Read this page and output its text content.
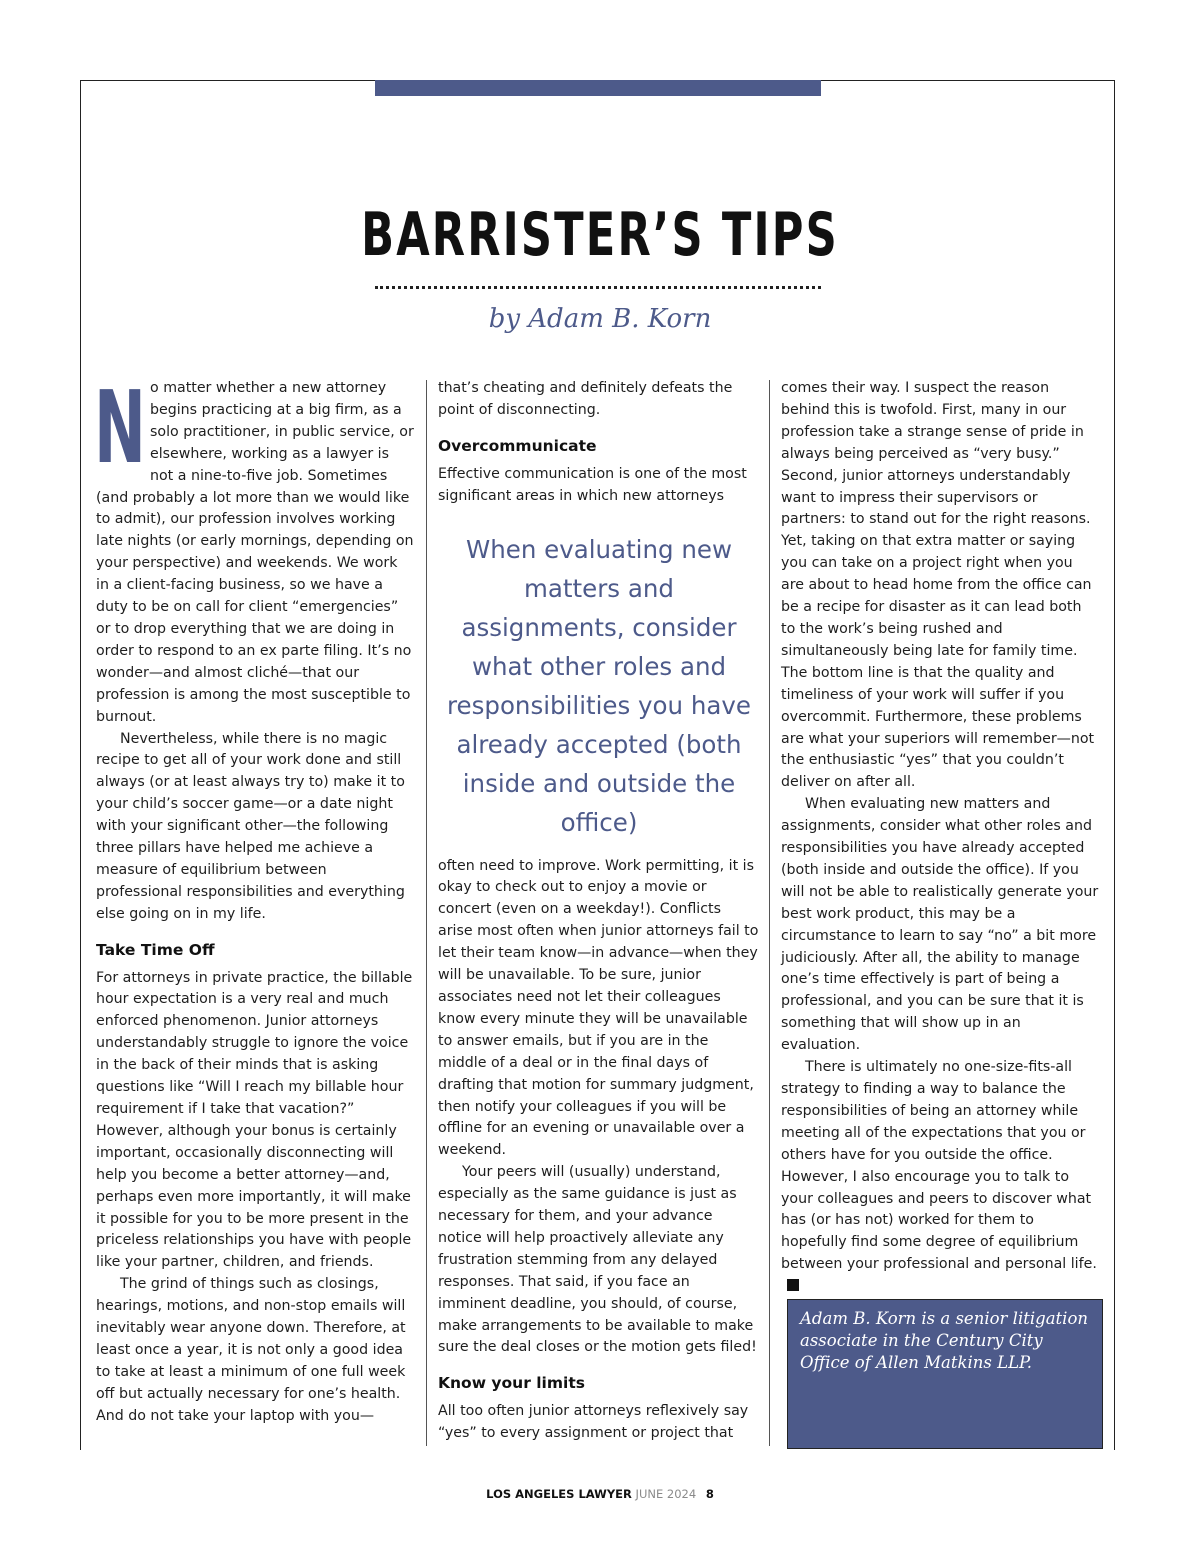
BARRISTER’S TIPS
by Adam B. Korn

No matter whether a new attorney begins practicing at a big firm, as a solo practitioner, in public service, or elsewhere, working as a lawyer is not a nine-to-five job. Sometimes (and probably a lot more than we would like to admit), our profession involves working late nights (or early mornings, depending on your perspective) and weekends. We work in a client-facing business, so we have a duty to be on call for client “emergencies” or to drop everything that we are doing in order to respond to an ex parte filing. It’s no wonder—and almost cliché—that our profession is among the most susceptible to burnout.

Nevertheless, while there is no magic recipe to get all of your work done and still always (or at least always try to) make it to your child’s soccer game—or a date night with your significant other—the following three pillars have helped me achieve a measure of equilibrium between professional responsibilities and everything else going on in my life.

Take Time Off

For attorneys in private practice, the billable hour expectation is a very real and much enforced phenomenon. Junior attorneys understandably struggle to ignore the voice in the back of their minds that is asking questions like “Will I reach my billable hour requirement if I take that vacation?” However, although your bonus is certainly important, occasionally disconnecting will help you become a better attorney—and, perhaps even more importantly, it will make it possible for you to be more present in the priceless relationships you have with people like your partner, children, and friends.

The grind of things such as closings, hearings, motions, and non-stop emails will inevitably wear anyone down. Therefore, at least once a year, it is not only a good idea to take at least a minimum of one full week off but actually necessary for one’s health. And do not take your laptop with you—

that’s cheating and definitely defeats the point of disconnecting.

Overcommunicate

Effective communication is one of the most significant areas in which new attorneys

When evaluating new matters and assignments, consider what other roles and responsibilities you have already accepted (both inside and outside the office)

often need to improve. Work permitting, it is okay to check out to enjoy a movie or concert (even on a weekday!). Conflicts arise most often when junior attorneys fail to let their team know—in advance—when they will be unavailable. To be sure, junior associates need not let their colleagues know every minute they will be unavailable to answer emails, but if you are in the middle of a deal or in the final days of drafting that motion for summary judgment, then notify your colleagues if you will be offline for an evening or unavailable over a weekend.

Your peers will (usually) understand, especially as the same guidance is just as necessary for them, and your advance notice will help proactively alleviate any frustration stemming from any delayed responses. That said, if you face an imminent deadline, you should, of course, make arrangements to be available to make sure the deal closes or the motion gets filed!

Know your limits

All too often junior attorneys reflexively say “yes” to every assignment or project that

comes their way. I suspect the reason behind this is twofold. First, many in our profession take a strange sense of pride in always being perceived as “very busy.” Second, junior attorneys understandably want to impress their supervisors or partners: to stand out for the right reasons. Yet, taking on that extra matter or saying you can take on a project right when you are about to head home from the office can be a recipe for disaster as it can lead both to the work’s being rushed and simultaneously being late for family time. The bottom line is that the quality and timeliness of your work will suffer if you overcommit. Furthermore, these problems are what your superiors will remember—not the enthusiastic “yes” that you couldn’t deliver on after all.

When evaluating new matters and assignments, consider what other roles and responsibilities you have already accepted (both inside and outside the office). If you will not be able to realistically generate your best work product, this may be a circumstance to learn to say “no” a bit more judiciously. After all, the ability to manage one’s time effectively is part of being a professional, and you can be sure that it is something that will show up in an evaluation.

There is ultimately no one-size-fits-all strategy to finding a way to balance the responsibilities of being an attorney while meeting all of the expectations that you or others have for you outside the office. However, I also encourage you to talk to your colleagues and peers to discover what has (or has not) worked for them to hopefully find some degree of equilibrium between your professional and personal life.

Adam B. Korn is a senior litigation associate in the Century City Office of Allen Matkins LLP.
LOS ANGELES LAWYER JUNE 2024 8
